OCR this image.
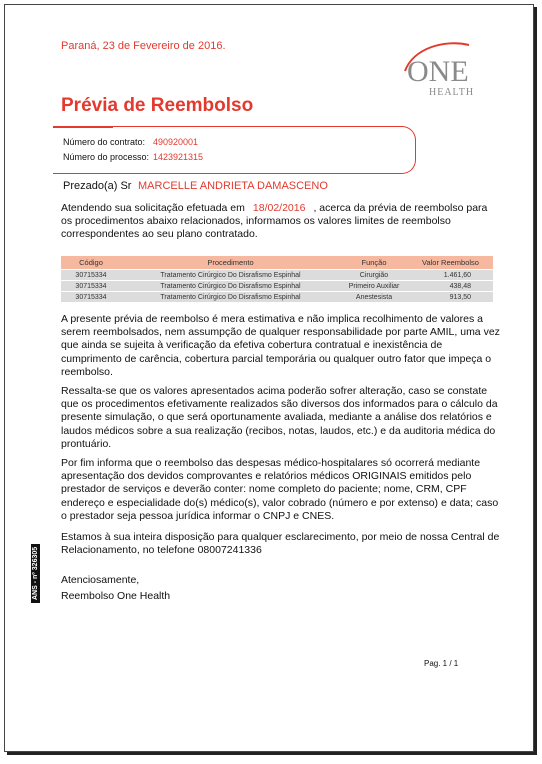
Paraná, 23 de Fevereiro de 2016.
ONE
HEALTH
Prévia de Reembolso
Número do contrato: 490920001
Número do processo: 1423921315
Prezado(a) Sr MARCELLE ANDRIETA DAMASCENO
Atendendo sua solicitação efetuada em 18/02/2016 , acerca da prévia de reembolso para os procedimentos abaixo relacionados, informamos os valores limites de reembolso correspondentes ao seu plano contratado.
Código	Procedimento	Função	Valor Reembolso
30715334	Tratamento Cirúrgico Do Disrafismo Espinhal	Cirurgião	1.461,60
30715334	Tratamento Cirúrgico Do Disrafismo Espinhal	Primeiro Auxiliar	438,48
30715334	Tratamento Cirúrgico Do Disrafismo Espinhal	Anestesista	913,50
A presente prévia de reembolso é mera estimativa e não implica recolhimento de valores a serem reembolsados, nem assumpção de qualquer responsabilidade por parte AMIL, uma vez que ainda se sujeita à verificação da efetiva cobertura contratual e inexistência de cumprimento de carência, cobertura parcial temporária ou qualquer outro fator que impeça o reembolso.
Ressalta-se que os valores apresentados acima poderão sofrer alteração, caso se constate que os procedimentos efetivamente realizados são diversos dos informados para o cálculo da presente simulação, o que será oportunamente avaliada, mediante a análise dos relatórios e laudos médicos sobre a sua realização (recibos, notas, laudos, etc.) e da auditoria médica do prontuário.
Por fim informa que o reembolso das despesas médico-hospitalares só ocorrerá mediante apresentação dos devidos comprovantes e relatórios médicos ORIGINAIS emitidos pelo prestador de serviços e deverão conter: nome completo do paciente; nome, CRM, CPF endereço e especialidade do(s) médico(s), valor cobrado (número e por extenso) e data; caso o prestador seja pessoa jurídica informar o CNPJ e CNES.
Estamos à sua inteira disposição para qualquer esclarecimento, por meio de nossa Central de Relacionamento, no telefone 08007241336
Atenciosamente,
Reembolso One Health
ANS - nº 326305
Pag. 1 / 1
